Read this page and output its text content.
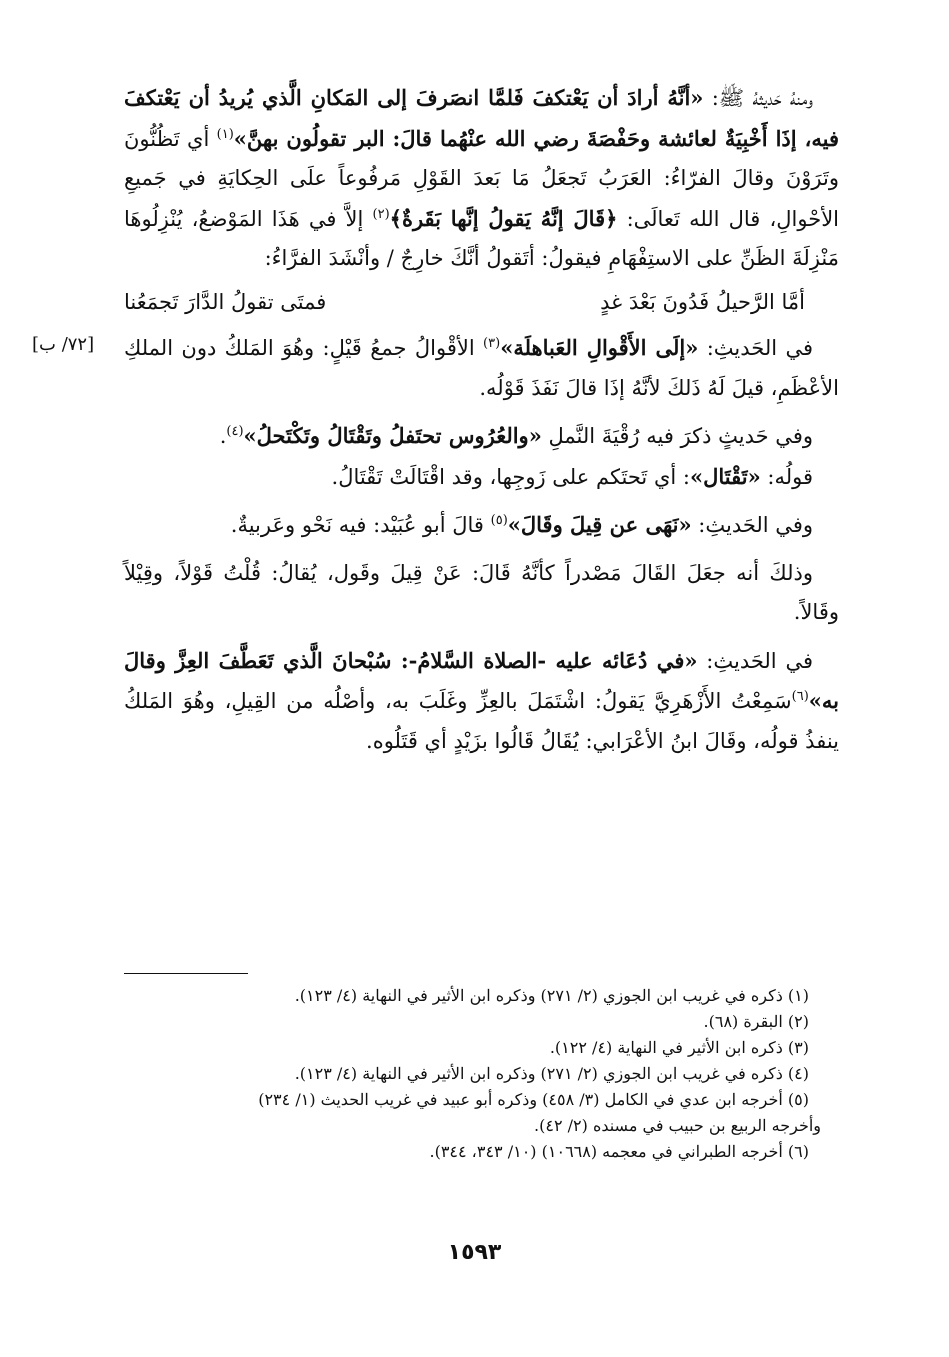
[٧٢/ ب]

ومنهُ حَديثهُ ﷺ: «أنَّهُ أرادَ أن يَعْتكفَ فَلمَّا انصَرفَ إلى المَكانِ الَّذي يُريدُ أن يَعْتكفَ فيه، إذَا أَخْبِيَةٌ لعائشة وحَفْصَةَ رضي الله عنْهُما قالَ: البر تقولُون بهنَّ»$^{(١)}$ أي تَظُنُّونَ وتَرَوْنَ وقالَ الفرّاءُ: العَرَبُ تَجعَلُ مَا بَعدَ القَوْلِ مَرفُوعاً علَى الحِكايَةِ في جَميعِ الأحْوالِ، قال الله تَعالَى: ﴿قَالَ إنَّهُ يَقولُ إنَّها بَقَرةٌ﴾$^{(٢)}$ إلاَّ في هَذَا المَوْضعُ، يُنْزِلُوهَا مَنْزِلَةَ الظَنِّ على الاستِفْهَامِ فيقولُ: أتَقولُ أنَّكَ خارِجٌ / وأنْشَدَ الفرَّاءُ:

أمَّا الرَّحيلُ فَدُونَ بَعْدَ غدٍ
فمتَى تقولُ الدَّارَ تَجمَعُنا

في الحَديثِ: «إلَى الأَقْوالِ العَباهلَة»$^{(٣)}$ الأقْوالُ جمعُ قَيْلٍ: وهُوَ المَلكُ دون الملكِ الأعْظَمِ، قيلَ لَهُ ذَلكَ لأنَّهُ إذَا قالَ نَفَذَ قَوْلُه.

وفي حَديثٍ ذكرَ فيه رُقْيَةَ النَّملِ «والعُرُوس تحتَفلُ وتَقْتَالُ وتَكْتَحلُ»$^{(٤)}$.

قولُه: «تَقْتَال»: أي تَحتَكم على زَوجِها، وقد اقْتَالَتْ تَقْتَالُ.

وفي الحَديثِ: «نَهَى عن قِيلَ وقَالَ»$^{(٥)}$ قالَ أبو عُبَيْد: فيه نَحْو وعَربيةٌ.

وذلكَ أنه جعَلَ القَالَ مَصْدراً كأنَّهُ قَالَ: عَنْ قِيلَ وقَول، يُقالُ: قُلْتُ قَوْلاً، وقِيْلاً وقَالاً.

في الحَديثِ: «في دُعَائه عليه -الصلاة السَّلامُ-: سُبْحانَ الَّذي تَعَطَّفَ العِزَّ وقالَ به»$^{(٦)}$سَمِعْتُ الأَزْهَرِيَّ يَقولُ: اشْتَمَلَ بالعِزِّ وغَلَبَ به، وأصْلُه من القِيلِ، وهُوَ المَلكُ ينفذُ قولُه، وقَالَ ابنُ الأعْرَابي: يُقَالُ قَالُوا بزَيْدٍ أي قَتَلُوه.

(١) ذكره في غريب ابن الجوزي (٢/ ٢٧١) وذكره ابن الأثير في النهاية (٤/ ١٢٣).

(٢) البقرة (٦٨).

(٣) ذكره ابن الأثير في النهاية (٤/ ١٢٢).

(٤) ذكره في غريب ابن الجوزي (٢/ ٢٧١) وذكره ابن الأثير في النهاية (٤/ ١٢٣).

(٥) أخرجه ابن عدي في الكامل (٣/ ٤٥٨) وذكره أبو عبيد في غريب الحديث (١/ ٢٣٤)

وأخرجه الربيع بن حبيب في مسنده (٢/ ٤٢).

(٦) أخرجه الطبراني في معجمه (١٠٦٦٨) (١٠/ ٣٤٣، ٣٤٤).

١٥٩٣
